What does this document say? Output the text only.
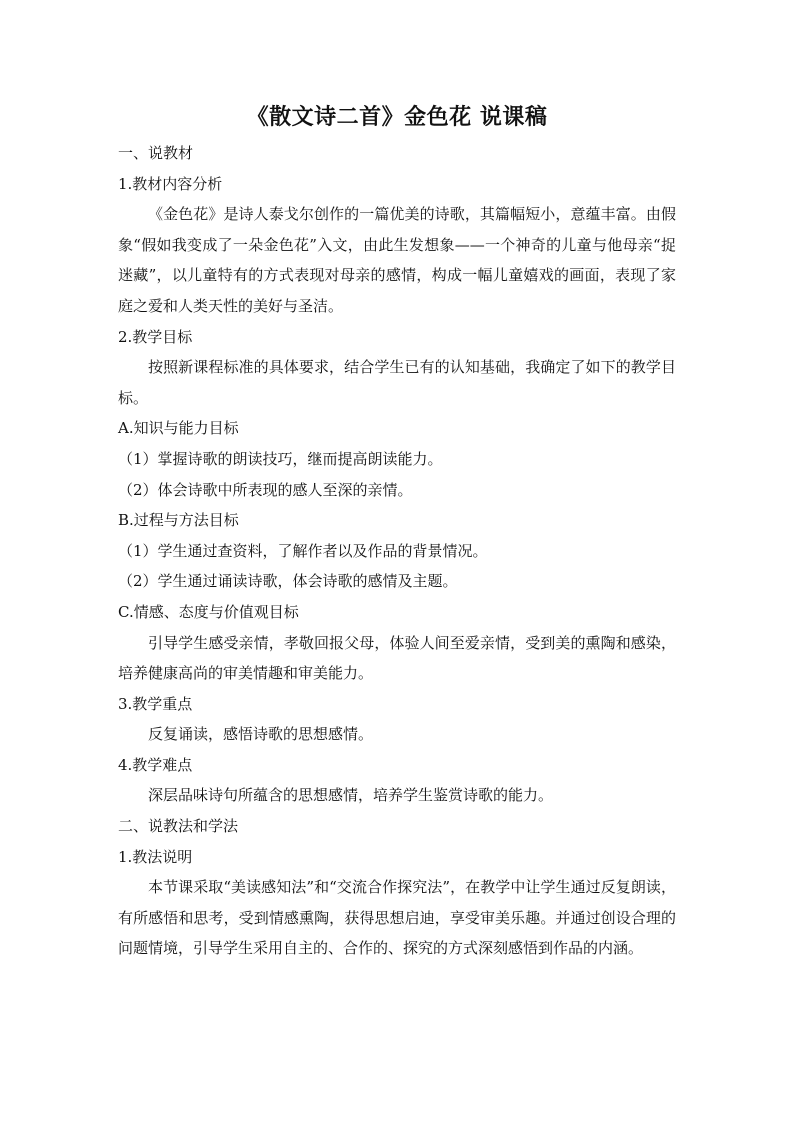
《散文诗二首》金色花 说课稿

一、说教材

1.教材内容分析

《金色花》是诗人泰戈尔创作的一篇优美的诗歌，其篇幅短小，意蕴丰富。由假象“假如我变成了一朵金色花”入文，由此生发想象——一个神奇的儿童与他母亲“捉迷藏”，以儿童特有的方式表现对母亲的感情，构成一幅儿童嬉戏的画面，表现了家庭之爱和人类天性的美好与圣洁。

2.教学目标

按照新课程标准的具体要求，结合学生已有的认知基础，我确定了如下的教学目标。

A.知识与能力目标

（1）掌握诗歌的朗读技巧，继而提高朗读能力。

（2）体会诗歌中所表现的感人至深的亲情。

B.过程与方法目标

（1）学生通过查资料，了解作者以及作品的背景情况。

（2）学生通过诵读诗歌，体会诗歌的感情及主题。

C.情感、态度与价值观目标

引导学生感受亲情，孝敬回报父母，体验人间至爱亲情，受到美的熏陶和感染，培养健康高尚的审美情趣和审美能力。

3.教学重点

反复诵读，感悟诗歌的思想感情。

4.教学难点

深层品味诗句所蕴含的思想感情，培养学生鉴赏诗歌的能力。

二、说教法和学法

1.教法说明

本节课采取“美读感知法”和“交流合作探究法”，在教学中让学生通过反复朗读，有所感悟和思考，受到情感熏陶，获得思想启迪，享受审美乐趣。并通过创设合理的问题情境，引导学生采用自主的、合作的、探究的方式深刻感悟到作品的内涵。
